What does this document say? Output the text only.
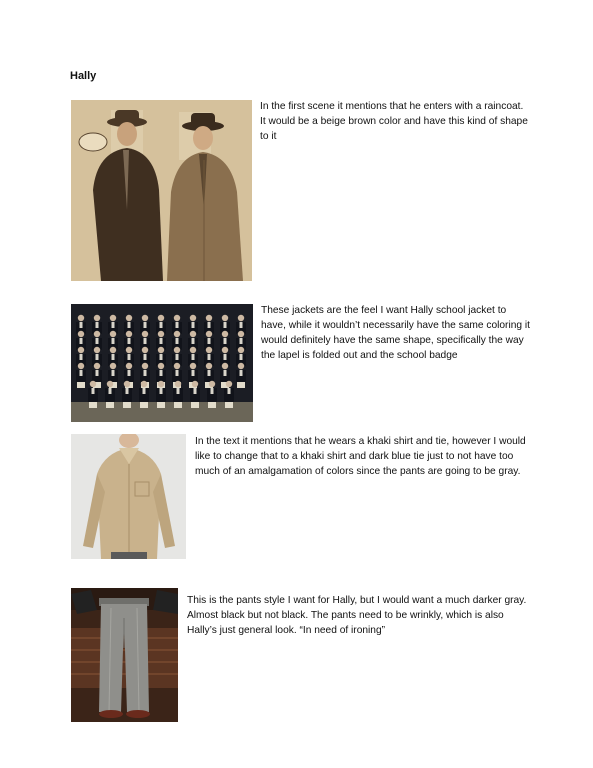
Hally

In the first scene it mentions that he enters with a raincoat. It would be a beige brown color and have this kind of shape to it

These jackets are the feel I want Hally school jacket to have, while it wouldn’t necessarily have the same coloring it would definitely have the same shape, specifically the way the lapel is folded out and the school badge

In the text it mentions that he wears a khaki shirt and tie, however I would like to change that to a khaki shirt and dark blue tie just to not have too much of an amalgamation of colors since the pants are going to be gray.

This is the pants style I want for Hally, but I would want a much darker gray. Almost black but not black. The pants need to be wrinkly, which is also Hally’s just general look. “In need of ironing”
